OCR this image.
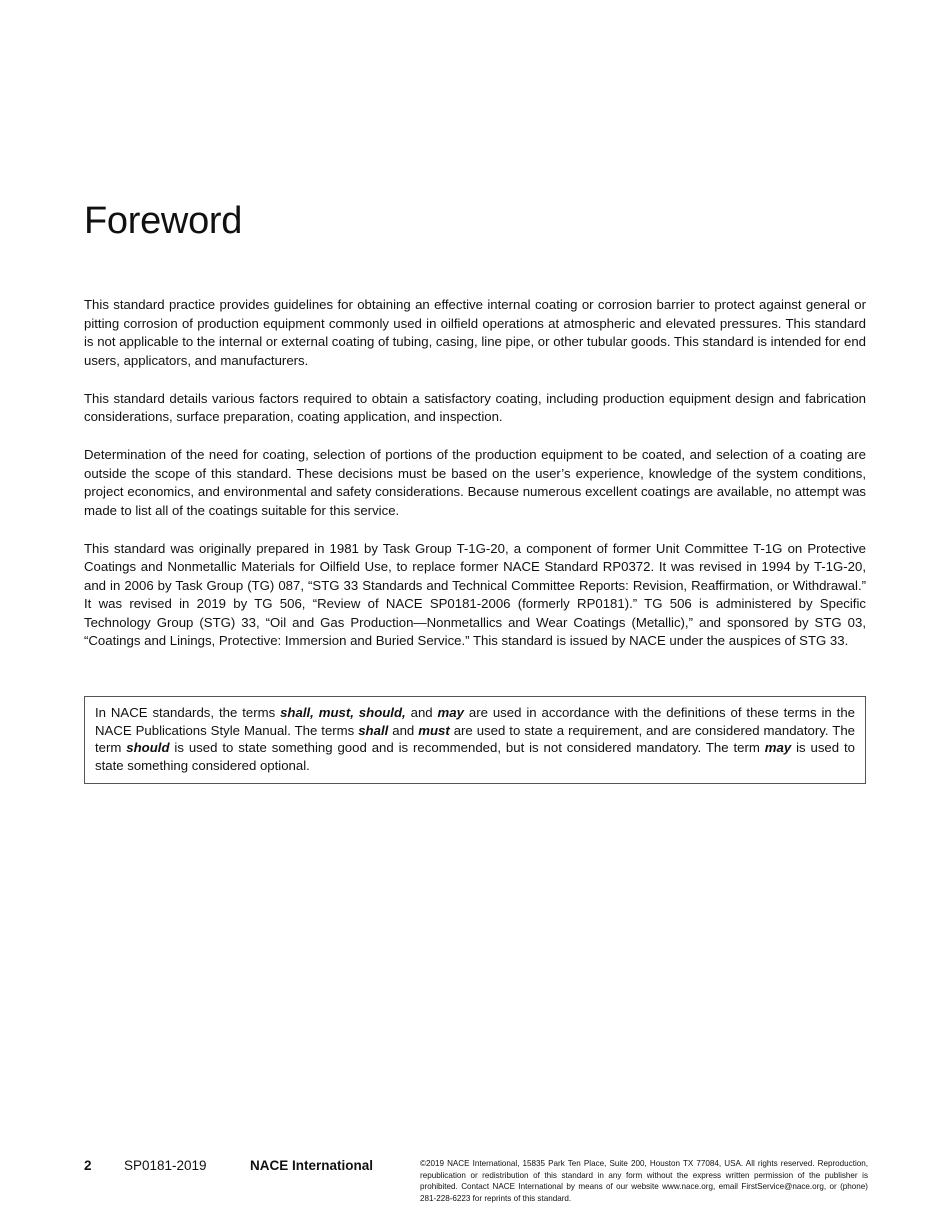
Foreword

This standard practice provides guidelines for obtaining an effective internal coating or corrosion barrier to protect against general or pitting corrosion of production equipment commonly used in oilfield operations at atmospheric and elevated pressures. This standard is not applicable to the internal or external coating of tubing, casing, line pipe, or other tubular goods. This standard is intended for end users, applicators, and manufacturers.

This standard details various factors required to obtain a satisfactory coating, including production equipment design and fabrication considerations, surface preparation, coating application, and inspection.

Determination of the need for coating, selection of portions of the production equipment to be coated, and selection of a coating are outside the scope of this standard. These decisions must be based on the user’s experience, knowledge of the system conditions, project economics, and environmental and safety considerations. Because numerous excellent coatings are available, no attempt was made to list all of the coatings suitable for this service.

This standard was originally prepared in 1981 by Task Group T-1G-20, a component of former Unit Committee T-1G on Protective Coatings and Nonmetallic Materials for Oilfield Use, to replace former NACE Standard RP0372. It was revised in 1994 by T-1G-20, and in 2006 by Task Group (TG) 087, “STG 33 Standards and Technical Committee Reports: Revision, Reaffirmation, or Withdrawal.” It was revised in 2019 by TG 506, “Review of NACE SP0181-2006 (formerly RP0181).” TG 506 is administered by Specific Technology Group (STG) 33, “Oil and Gas Production—Nonmetallics and Wear Coatings (Metallic),” and sponsored by STG 03, “Coatings and Linings, Protective: Immersion and Buried Service.” This standard is issued by NACE under the auspices of STG 33.

In NACE standards, the terms shall, must, should, and may are used in accordance with the definitions of these terms in the NACE Publications Style Manual. The terms shall and must are used to state a requirement, and are considered mandatory. The term should is used to state something good and is recommended, but is not considered mandatory. The term may is used to state something considered optional.
2 SP0181-2019	NACE International	©2019 NACE International, 15835 Park Ten Place, Suite 200, Houston TX 77084, USA. All rights reserved. Reproduction, republication or redistribution of this standard in any form without the express written permission of the publisher is prohibited. Contact NACE International by means of our website www.nace.org, email FirstService@nace.org, or (phone) 281-228-6223 for reprints of this standard.
